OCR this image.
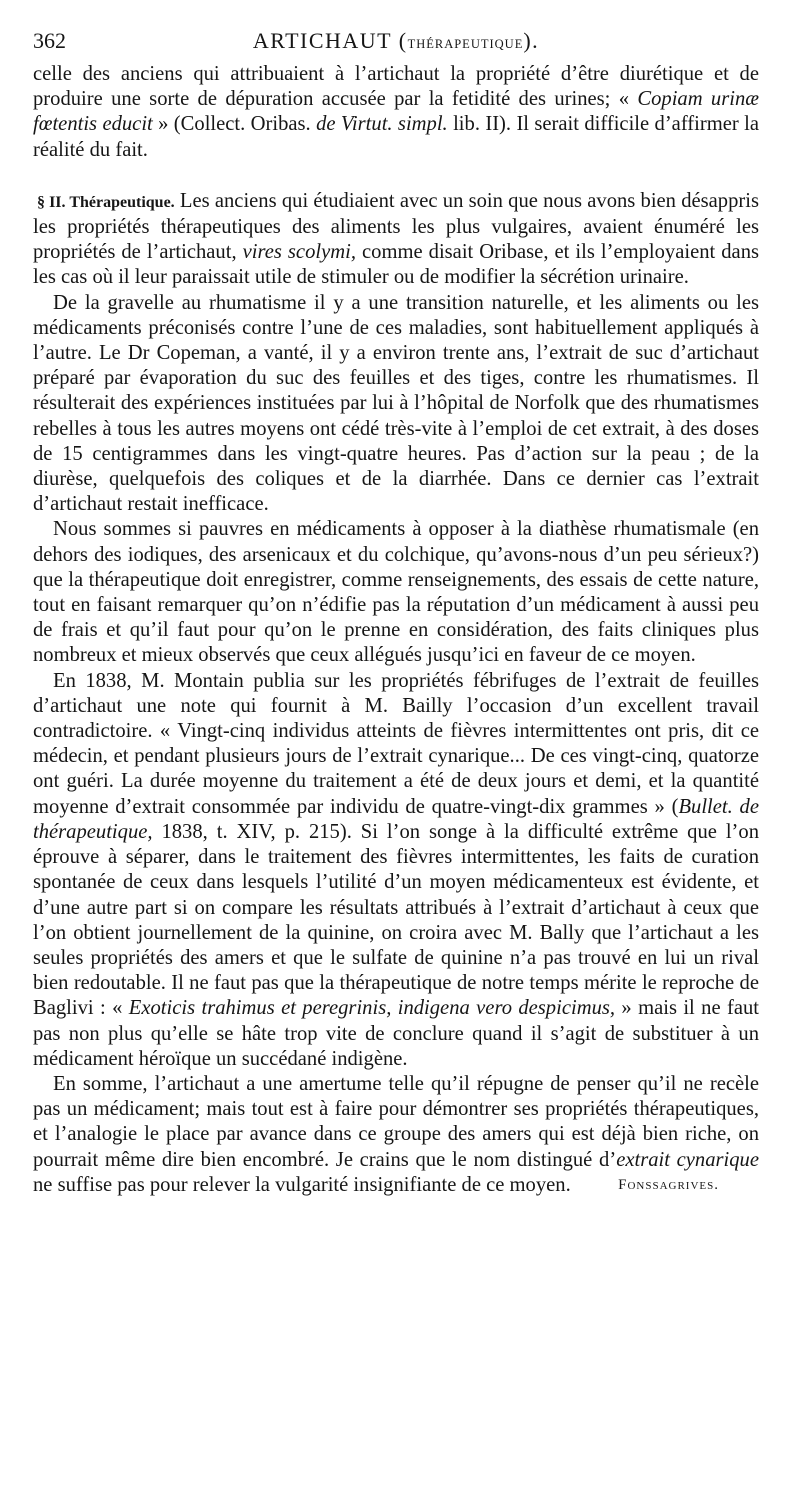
362	ARTICHAUT (THÉRAPEUTIQUE).

celle des anciens qui attribuaient à l’artichaut la propriété d’être diurétique et de produire une sorte de dépuration accusée par la fetidité des urines; « Copiam urinæ fœtentis educit » (Collect. Oribas. de Virtut. simpl. lib. II). Il serait difficile d’affirmer la réalité du fait.

§ II. Thérapeutique. Les anciens qui étudiaient avec un soin que nous avons bien désappris les propriétés thérapeutiques des aliments les plus vulgaires, avaient énuméré les propriétés de l’artichaut, vires scolymi, comme disait Oribase, et ils l’employaient dans les cas où il leur paraissait utile de stimuler ou de modifier la sécrétion urinaire.

De la gravelle au rhumatisme il y a une transition naturelle, et les aliments ou les médicaments préconisés contre l’une de ces maladies, sont habituellement appliqués à l’autre. Le Dr Copeman, a vanté, il y a environ trente ans, l’extrait de suc d’artichaut préparé par évaporation du suc des feuilles et des tiges, contre les rhumatismes. Il résulterait des expériences instituées par lui à l’hôpital de Norfolk que des rhumatismes rebelles à tous les autres moyens ont cédé très-vite à l’emploi de cet extrait, à des doses de 15 centigrammes dans les vingt-quatre heures. Pas d’action sur la peau ; de la diurèse, quelquefois des coliques et de la diarrhée. Dans ce dernier cas l’extrait d’artichaut restait inefficace.

Nous sommes si pauvres en médicaments à opposer à la diathèse rhumatismale (en dehors des iodiques, des arsenicaux et du colchique, qu’avons-nous d’un peu sérieux?) que la thérapeutique doit enregistrer, comme renseignements, des essais de cette nature, tout en faisant remarquer qu’on n’édifie pas la réputation d’un médicament à aussi peu de frais et qu’il faut pour qu’on le prenne en considération, des faits cliniques plus nombreux et mieux observés que ceux allégués jusqu’ici en faveur de ce moyen.

En 1838, M. Montain publia sur les propriétés fébrifuges de l’extrait de feuilles d’artichaut une note qui fournit à M. Bailly l’occasion d’un excellent travail contradictoire. « Vingt-cinq individus atteints de fièvres intermittentes ont pris, dit ce médecin, et pendant plusieurs jours de l’extrait cynarique... De ces vingt-cinq, quatorze ont guéri. La durée moyenne du traitement a été de deux jours et demi, et la quantité moyenne d’extrait consommée par individu de quatre-vingt-dix grammes » (Bullet. de thérapeutique, 1838, t. XIV, p. 215). Si l’on songe à la difficulté extrême que l’on éprouve à séparer, dans le traitement des fièvres intermittentes, les faits de curation spontanée de ceux dans lesquels l’utilité d’un moyen médicamenteux est évidente, et d’une autre part si on compare les résultats attribués à l’extrait d’artichaut à ceux que l’on obtient journellement de la quinine, on croira avec M. Bally que l’artichaut a les seules propriétés des amers et que le sulfate de quinine n’a pas trouvé en lui un rival bien redoutable. Il ne faut pas que la thérapeutique de notre temps mérite le reproche de Baglivi : « Exoticis trahimus et peregrinis, indigena vero despicimus, » mais il ne faut pas non plus qu’elle se hâte trop vite de conclure quand il s’agit de substituer à un médicament héroïque un succédané indigène.

En somme, l’artichaut a une amertume telle qu’il répugne de penser qu’il ne recèle pas un médicament; mais tout est à faire pour démontrer ses propriétés thérapeutiques, et l’analogie le place par avance dans ce groupe des amers qui est déjà bien riche, on pourrait même dire bien encombré. Je crains que le nom distingué d’extrait cynarique ne suffise pas pour relever la vulgarité insignifiante de ce moyen.	Fonssagrives.
